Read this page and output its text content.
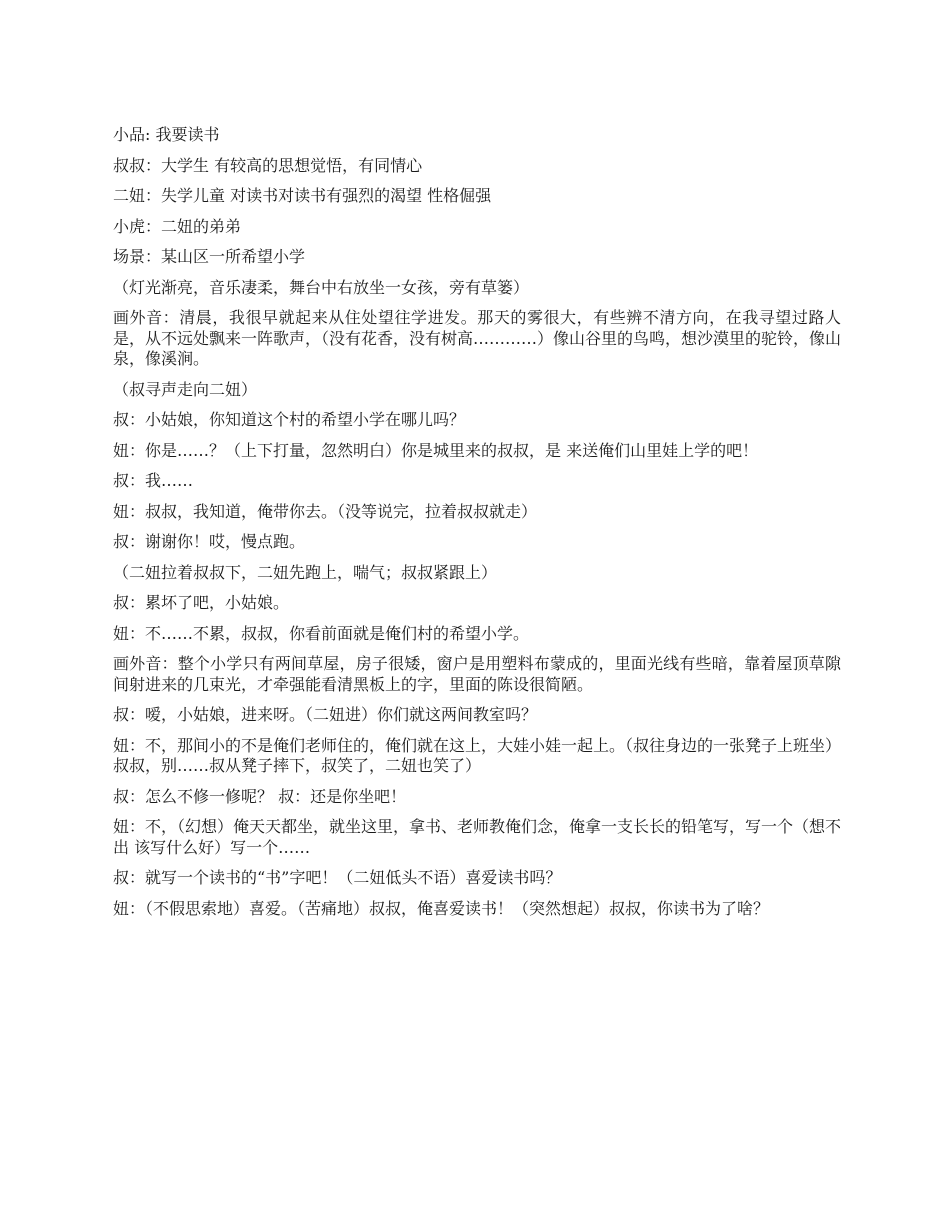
小品: 我要读书

叔叔：大学生 有较高的思想觉悟，有同情心

二妞：失学儿童 对读书对读书有强烈的渴望 性格倔强

小虎：二妞的弟弟

场景：某山区一所希望小学

（灯光渐亮，音乐凄柔，舞台中右放坐一女孩，旁有草篓）

画外音：清晨，我很早就起来从住处望往学进发。那天的雾很大，有些辨不清方向，在我寻望过路人是，从不远处飘来一阵歌声，（没有花香，没有树高…………）像山谷里的鸟鸣，想沙漠里的驼铃，像山泉，像溪涧。

（叔寻声走向二妞）

叔：小姑娘，你知道这个村的希望小学在哪儿吗？

妞：你是……？（上下打量，忽然明白）你是城里来的叔叔，是 来送俺们山里娃上学的吧！

叔：我……

妞：叔叔，我知道，俺带你去。（没等说完，拉着叔叔就走）

叔：谢谢你！哎，慢点跑。

（二妞拉着叔叔下，二妞先跑上，喘气；叔叔紧跟上）

叔：累坏了吧，小姑娘。

妞：不……不累，叔叔，你看前面就是俺们村的希望小学。

画外音：整个小学只有两间草屋，房子很矮，窗户是用塑料布蒙成的，里面光线有些暗，靠着屋顶草隙间射进来的几束光，才牵强能看清黑板上的字，里面的陈设很简陋。

叔：嗳，小姑娘，进来呀。（二妞进）你们就这两间教室吗？

妞：不，那间小的不是俺们老师住的，俺们就在这上，大娃小娃一起上。（叔往身边的一张凳子上班坐）叔叔，别……叔从凳子摔下，叔笑了，二妞也笑了）

叔：怎么不修一修呢？ 叔：还是你坐吧！

妞：不，（幻想）俺天天都坐，就坐这里，拿书、老师教俺们念，俺拿一支长长的铅笔写，写一个（想不出 该写什么好）写一个……

叔：就写一个读书的“书”字吧！（二妞低头不语）喜爱读书吗？

妞：（不假思索地）喜爱。（苦痛地）叔叔，俺喜爱读书！（突然想起）叔叔，你读书为了啥？
